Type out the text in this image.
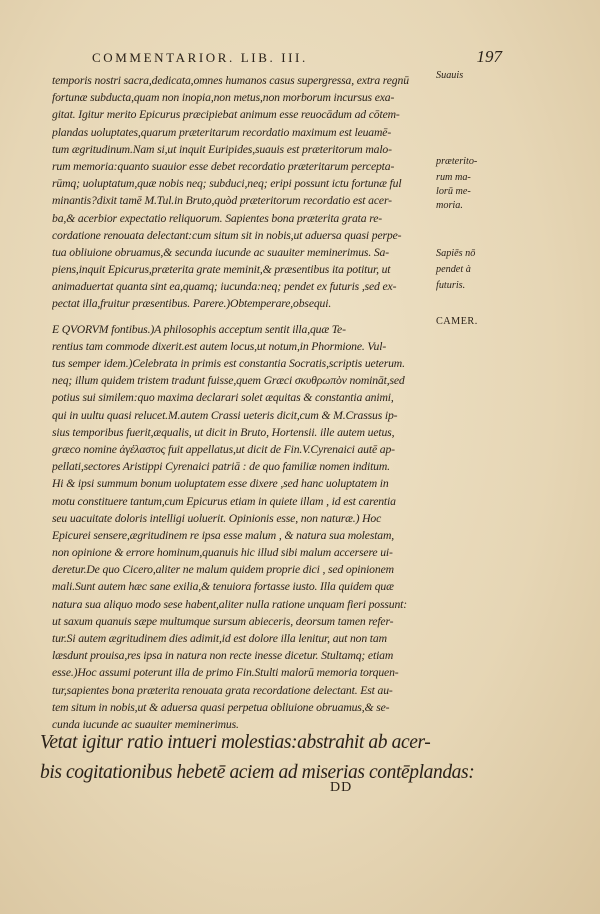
COMMENTARIOR. LIB. III.	197
temporis nostri sacra,dedicata,omnes humanos casus supergressa, extra regnū
fortunæ subducta,quam non inopia,non metus,non morborum incursus exa-
gitat. Igitur merito Epicurus præcipiebat animum esse reuocādum ad cōtem-
plandas uoluptates,quarum præteritarum recordatio maximum est leuamē-
tum ægritudinum.Nam si,ut inquit Euripides,suauis est præteritorum malo-
rum memoria:quanto suauior esse debet recordatio præteritarum percepta-
rūmq; uoluptatum,quæ nobis neq; subduci,neq; eripi possunt ictu fortunæ ful
minantis?dixit tamē M.Tul.in Bruto,quòd præteritorum recordatio est acer-
ba,& acerbior expectatio reliquorum. Sapientes bona præterita grata re-
cordatione renouata delectant:cum situm sit in nobis,ut aduersa quasi perpe-
tua obliuione obruamus,& secunda iucunde ac suauiter meminerimus. Sa-
piens,inquit Epicurus,præterita grate meminit,& præsentibus ita potitur, ut
animaduertat quanta sint ea,quamq; iucunda:neq; pendet ex futuris ,sed ex-
pectat illa,fruitur præsentibus. Parere.)Obtemperare,obsequi.
E QVORVM fontibus.)A philosophis acceptum sentit illa,quæ Te-
rentius tam commode dixerit.est autem locus,ut notum,in Phormione. Vul-
tus semper idem.)Celebrata in primis est constantia Socratis,scriptis ueterum.
neq; illum quidem tristem tradunt fuisse,quem Græci σκυθρωπὸν nomināt,sed
potius sui similem:quo maxima declarari solet æquitas & constantia animi,
qui in uultu quasi relucet.M.autem Crassi ueteris dicit,cum & M.Crassus ip-
sius temporibus fuerit,æqualis, ut dicit in Bruto, Hortensii. ille autem uetus,
græco nomine ἀγέλαστος fuit appellatus,ut dicit de Fin.V.Cyrenaici autē ap-
pellati,sectores Aristippi Cyrenaici patriā : de quo familiæ nomen inditum.
Hi & ipsi summum bonum uoluptatem esse dixere ,sed hanc uoluptatem in
motu constituere tantum,cum Epicurus etiam in quiete illam , id est carentia
seu uacuitate doloris intelligi uoluerit. Opinionis esse, non naturæ.) Hoc
Epicurei sensere,ægritudinem re ipsa esse malum , & natura sua molestam,
non opinione & errore hominum,quanuis hic illud sibi malum accersere ui-
deretur.De quo Cicero,aliter ne malum quidem proprie dici , sed opinionem
mali.Sunt autem hæc sane exilia,& tenuiora fortasse iusto. Illa quidem quæ
natura sua aliquo modo sese habent,aliter nulla ratione unquam fieri possunt:
ut saxum quanuis sæpe multumque sursum abieceris, deorsum tamen refer-
tur.Si autem ægritudinem dies adimit,id est dolore illa lenitur, aut non tam
læsdunt prouisa,res ipsa in natura non recte inesse dicetur. Stultamq; etiam
esse.)Hoc assumi poterunt illa de primo Fin.Stulti malorū memoria torquen-
tur,sapientes bona præterita renouata grata recordatione delectant. Est au-
tem situm in nobis,ut & aduersa quasi perpetua obliuione obruamus,& se-
cunda iucunde ac suauiter meminerimus.
Suauis
præterito-
rum ma-
lorū me-
moria.
Sapiēs nō
pendet à
futuris.
CAMER.
Vetat igitur ratio intueri molestias:abstrahit ab acer-
bis cogitationibus hebetē aciem ad miserias contēplandas:
DD
